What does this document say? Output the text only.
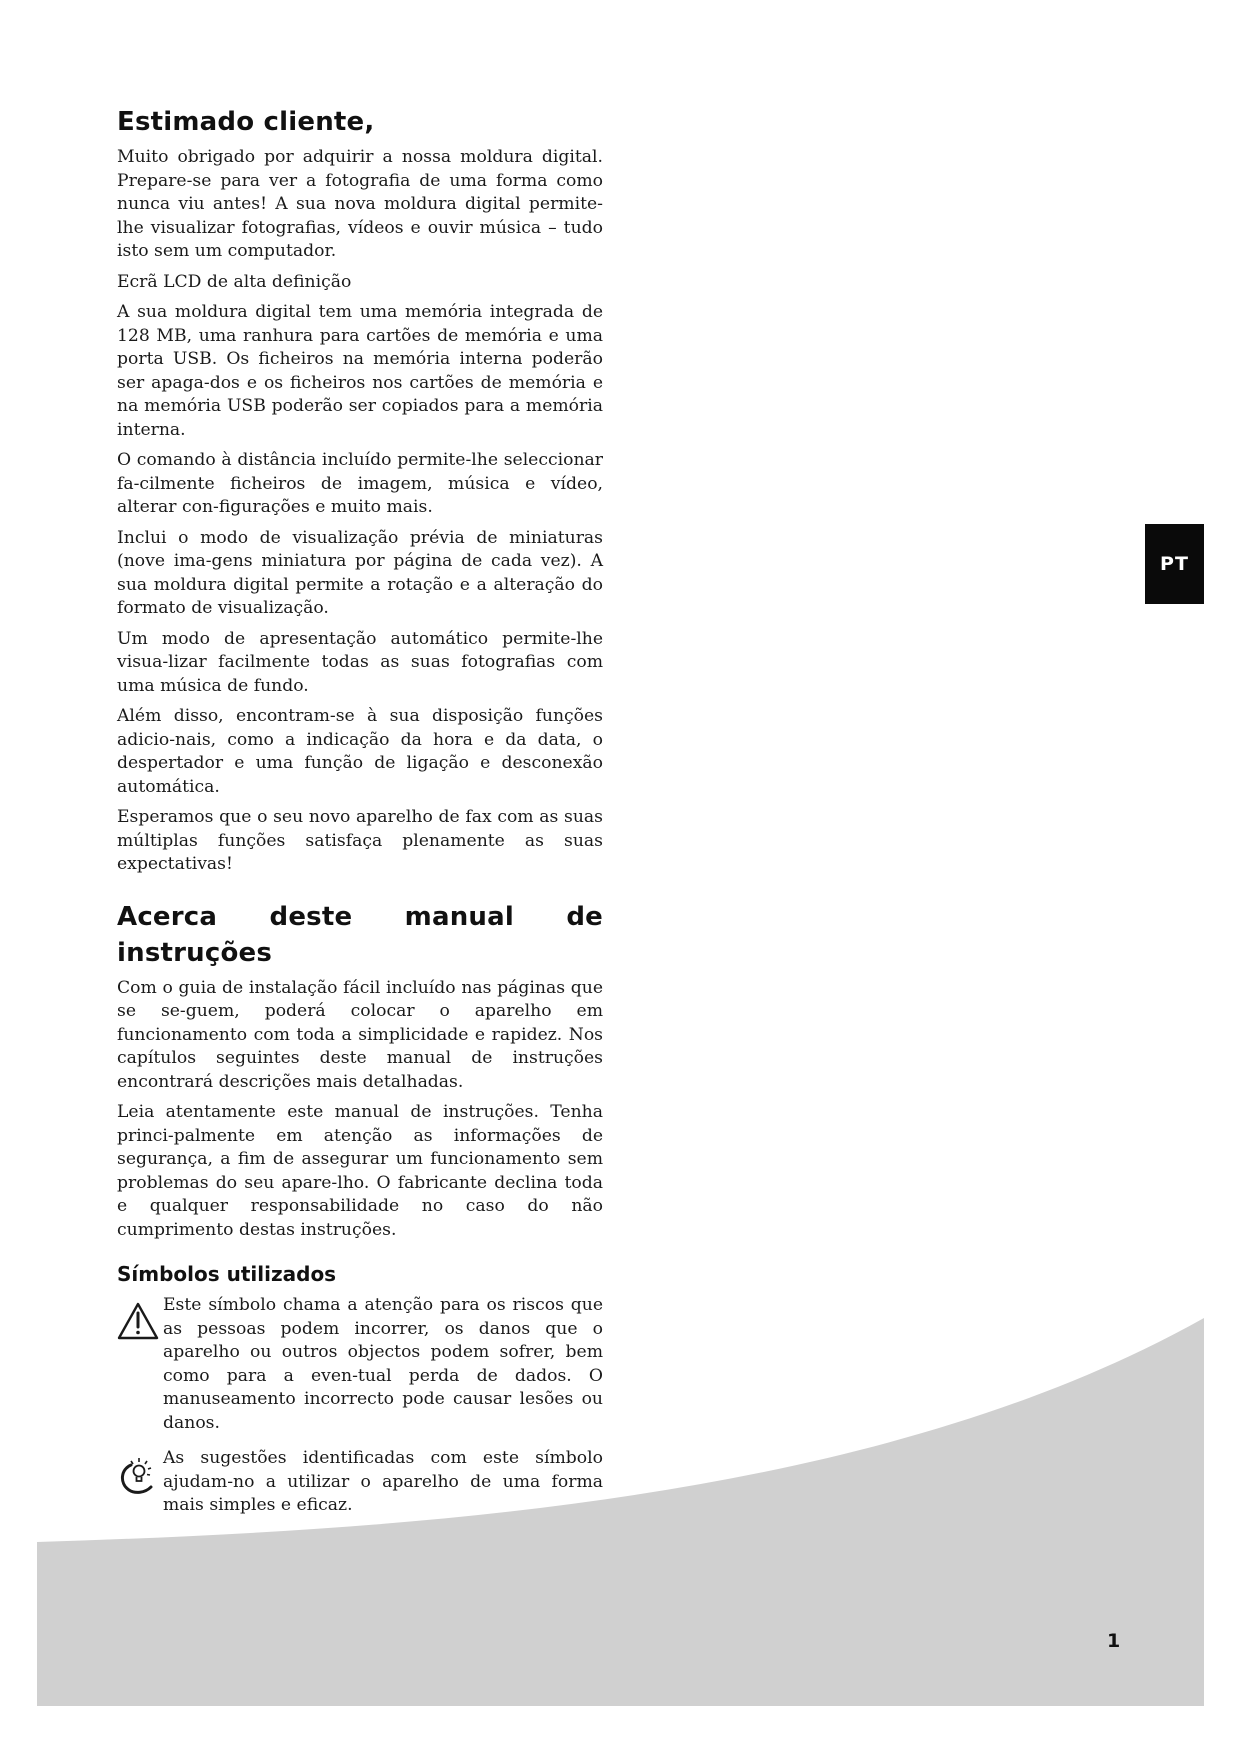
Estimado cliente,

Muito obrigado por adquirir a nossa moldura digital. Prepare-se para ver a fotografia de uma forma como nunca viu antes! A sua nova moldura digital permite-lhe visualizar fotografias, vídeos e ouvir música – tudo isto sem um computador.

Ecrã LCD de alta definição

A sua moldura digital tem uma memória integrada de 128 MB, uma ranhura para cartões de memória e uma porta USB. Os ficheiros na memória interna poderão ser apaga-dos e os ficheiros nos cartões de memória e na memória USB poderão ser copiados para a memória interna.

O comando à distância incluído permite-lhe seleccionar fa-cilmente ficheiros de imagem, música e vídeo, alterar con-figurações e muito mais.

Inclui o modo de visualização prévia de miniaturas (nove ima-gens miniatura por página de cada vez). A sua moldura digital permite a rotação e a alteração do formato de visualização.

Um modo de apresentação automático permite-lhe visua-lizar facilmente todas as suas fotografias com uma música de fundo.

Além disso, encontram-se à sua disposição funções adicio-nais, como a indicação da hora e da data, o despertador e uma função de ligação e desconexão automática.

Esperamos que o seu novo aparelho de fax com as suas múltiplas funções satisfaça plenamente as suas expectativas!

Acerca deste manual de instruções

Com o guia de instalação fácil incluído nas páginas que se se-guem, poderá colocar o aparelho em funcionamento com toda a simplicidade e rapidez. Nos capítulos seguintes deste manual de instruções encontrará descrições mais detalhadas.

Leia atentamente este manual de instruções. Tenha princi-palmente em atenção as informações de segurança, a fim de assegurar um funcionamento sem problemas do seu apare-lho. O fabricante declina toda e qualquer responsabilidade no caso do não cumprimento destas instruções.

Símbolos utilizados
Este símbolo chama a atenção para os riscos que as pessoas podem incorrer, os danos que o aparelho ou outros objectos podem sofrer, bem como para a even-tual perda de dados. O manuseamento incorrecto pode causar lesões ou danos.
As sugestões identificadas com este símbolo ajudam-no a utilizar o aparelho de uma forma mais simples e eficaz.
PT
1
